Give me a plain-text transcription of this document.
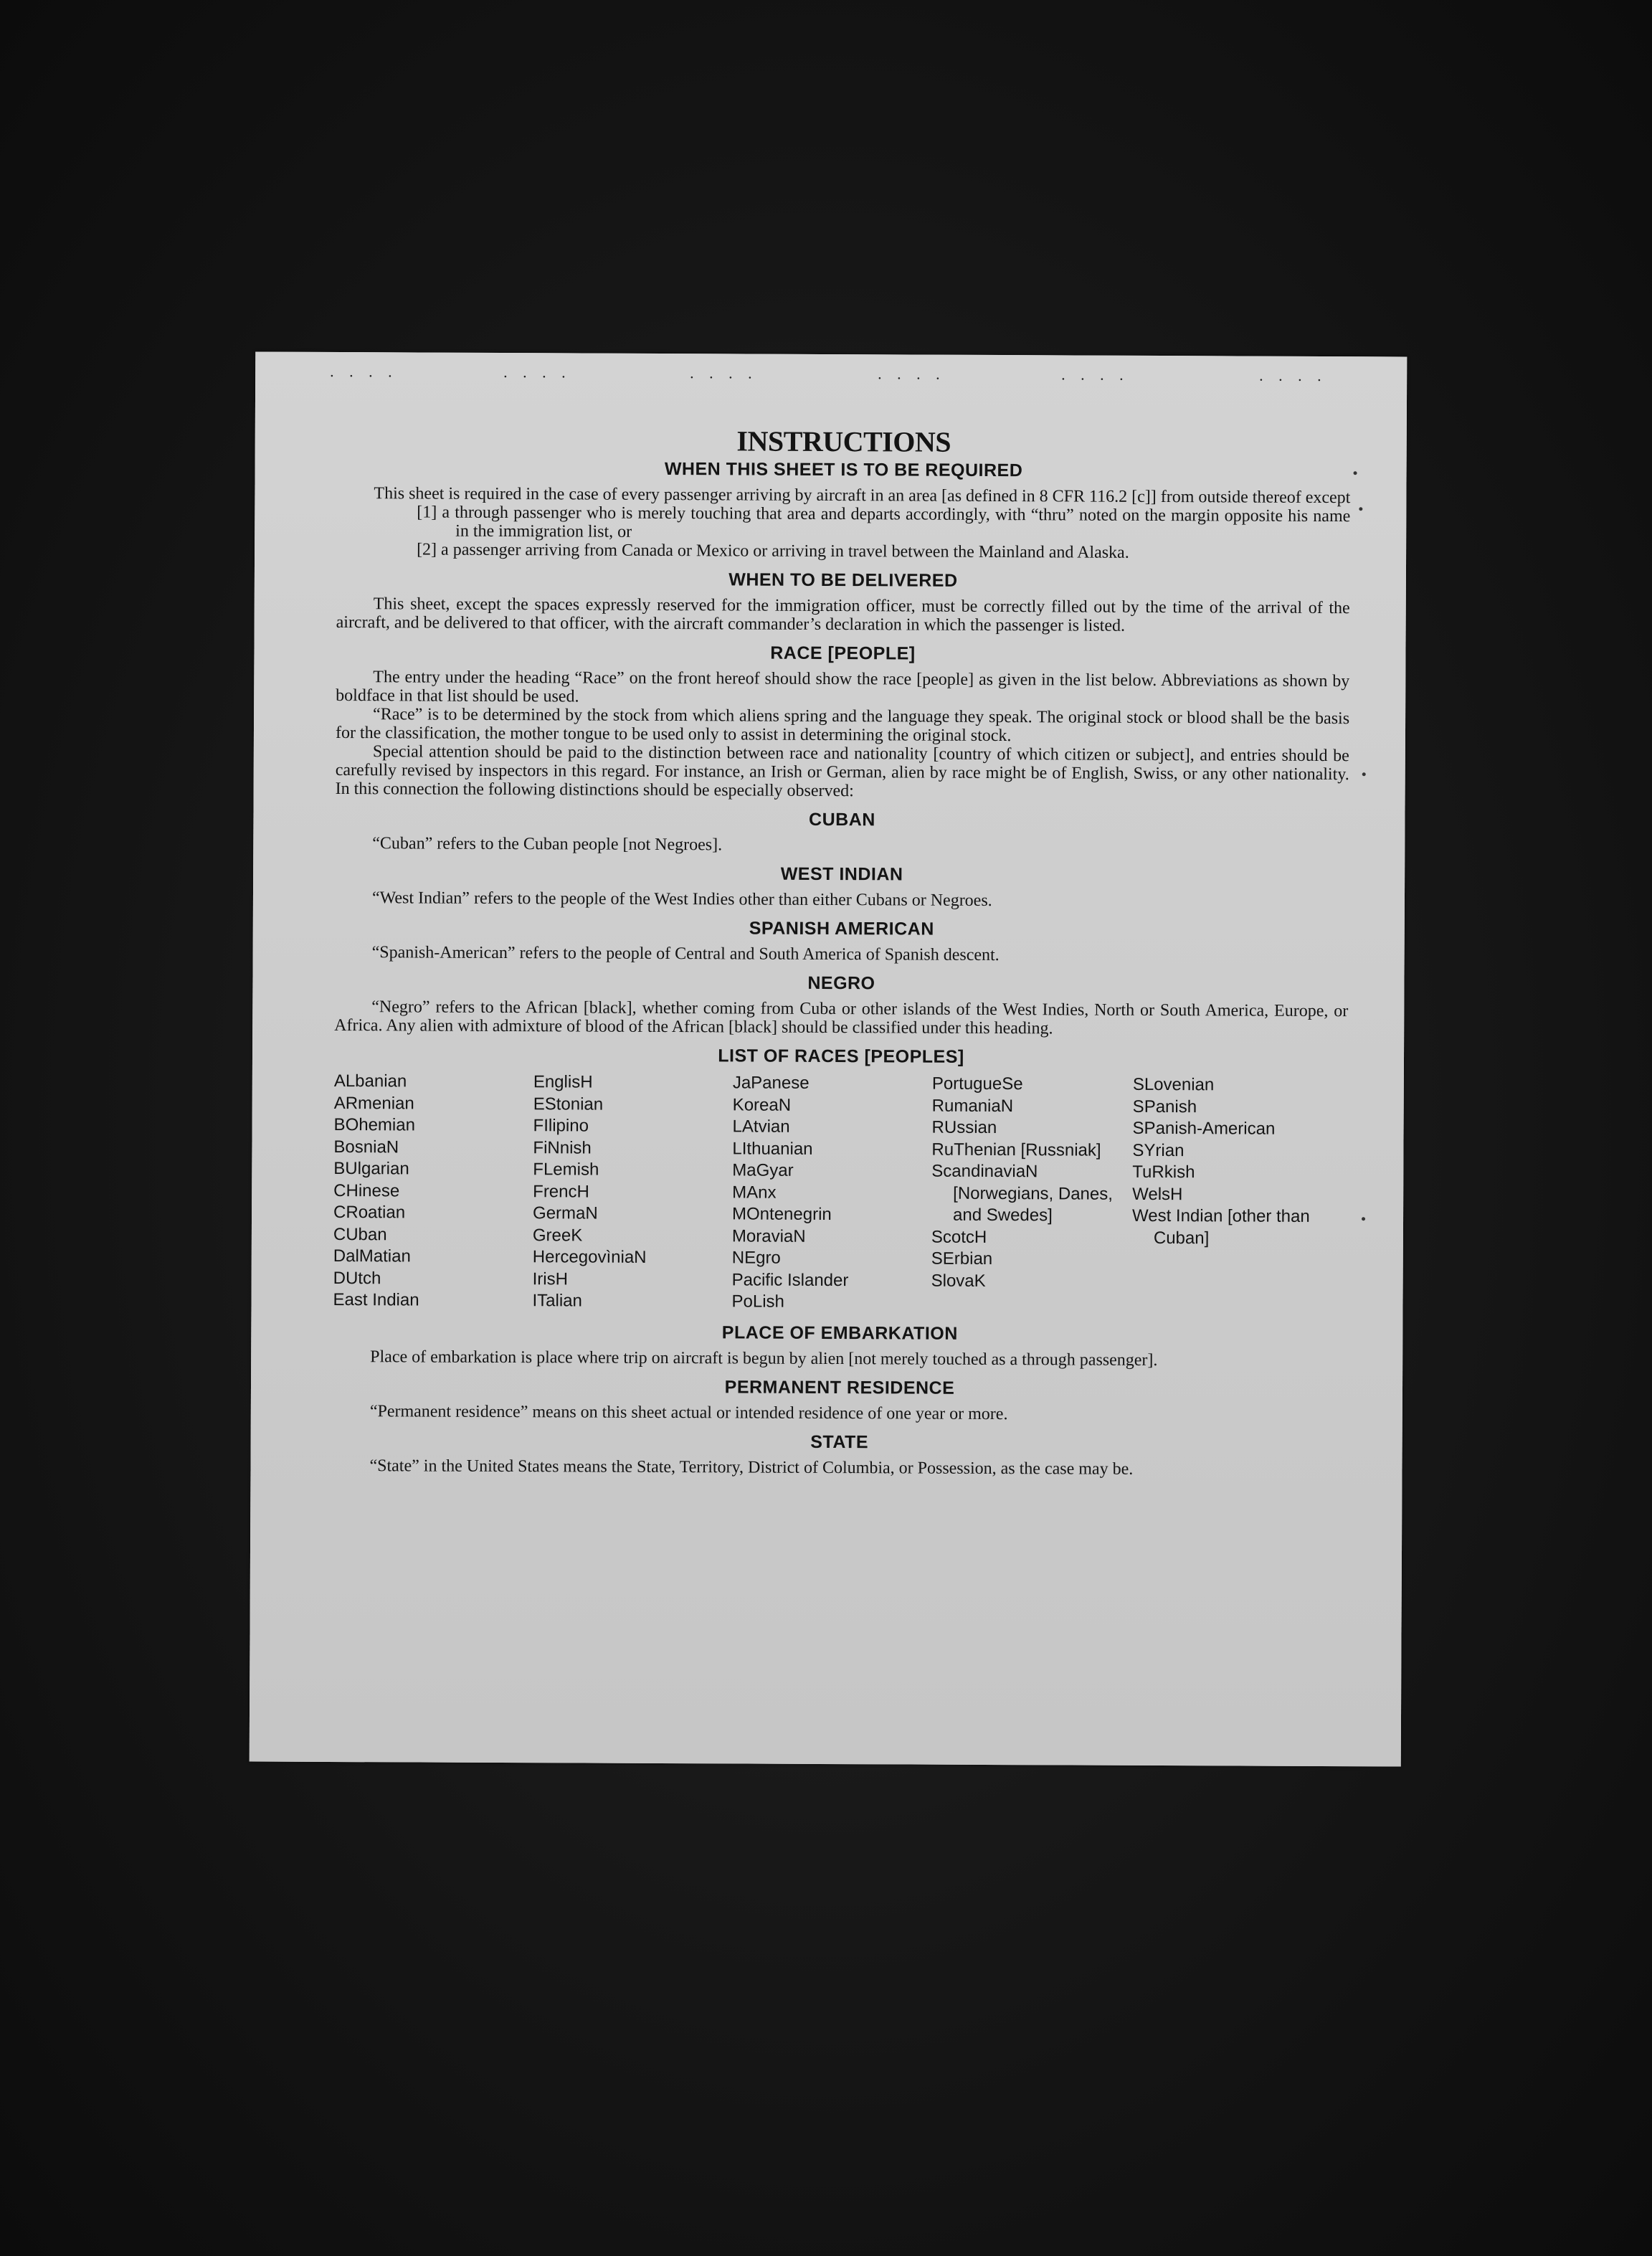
. . . .	. . . .	. . . .	. . . .	. . . .	. . . .
INSTRUCTIONS
WHEN THIS SHEET IS TO BE REQUIRED

This sheet is required in the case of every passenger arriving by aircraft in an area [as defined in 8 CFR 116.2 [c]] from outside thereof except

[1] a through passenger who is merely touching that area and departs accordingly, with “thru” noted on the margin opposite his name in the immigration list, or

[2] a passenger arriving from Canada or Mexico or arriving in travel between the Mainland and Alaska.

WHEN TO BE DELIVERED

This sheet, except the spaces expressly reserved for the immigration officer, must be correctly filled out by the time of the arrival of the aircraft, and be delivered to that officer, with the aircraft commander’s declaration in which the passenger is listed.

RACE [PEOPLE]

The entry under the heading “Race” on the front hereof should show the race [people] as given in the list below. Abbreviations as shown by boldface in that list should be used.

“Race” is to be determined by the stock from which aliens spring and the language they speak. The original stock or blood shall be the basis for the classification, the mother tongue to be used only to assist in determining the original stock.

Special attention should be paid to the distinction between race and nationality [country of which citizen or subject], and entries should be carefully revised by inspectors in this regard. For instance, an Irish or German, alien by race might be of English, Swiss, or any other nationality. In this connection the following distinctions should be especially observed:

CUBAN

“Cuban” refers to the Cuban people [not Negroes].

WEST INDIAN

“West Indian” refers to the people of the West Indies other than either Cubans or Negroes.

SPANISH AMERICAN

“Spanish-American” refers to the people of Central and South America of Spanish descent.

NEGRO

“Negro” refers to the African [black], whether coming from Cuba or other islands of the West Indies, North or South America, Europe, or Africa. Any alien with admixture of blood of the African [black] should be classified under this heading.

LIST OF RACES [PEOPLES]
ALbanian
ARmenian
BOhemian
BosniaN
BUlgarian
CHinese
CRoatian
CUban
DalMatian
DUtch
East Indian
EnglisH
EStonian
FIlipino
FiNnish
FLemish
FrencH
GermaN
GreeK
HercegovìniaN
IrisH
ITalian
JaPanese
KoreaN
LAtvian
LIthuanian
MaGyar
MAnx
MOntenegrin
MoraviaN
NEgro
Pacific Islander
PoLish
PortugueSe
RumaniaN
RUssian
RuThenian [Russniak]
ScandinaviaN [Norwegians, Danes, and Swedes]
ScotcH
SErbian
SlovaK
SLovenian
SPanish
SPanish-American
SYrian
TuRkish
WelsH
West Indian [other than Cuban]
PLACE OF EMBARKATION

Place of embarkation is place where trip on aircraft is begun by alien [not merely touched as a through passenger].

PERMANENT RESIDENCE

“Permanent residence” means on this sheet actual or intended residence of one year or more.

STATE

“State” in the United States means the State, Territory, District of Columbia, or Possession, as the case may be.
